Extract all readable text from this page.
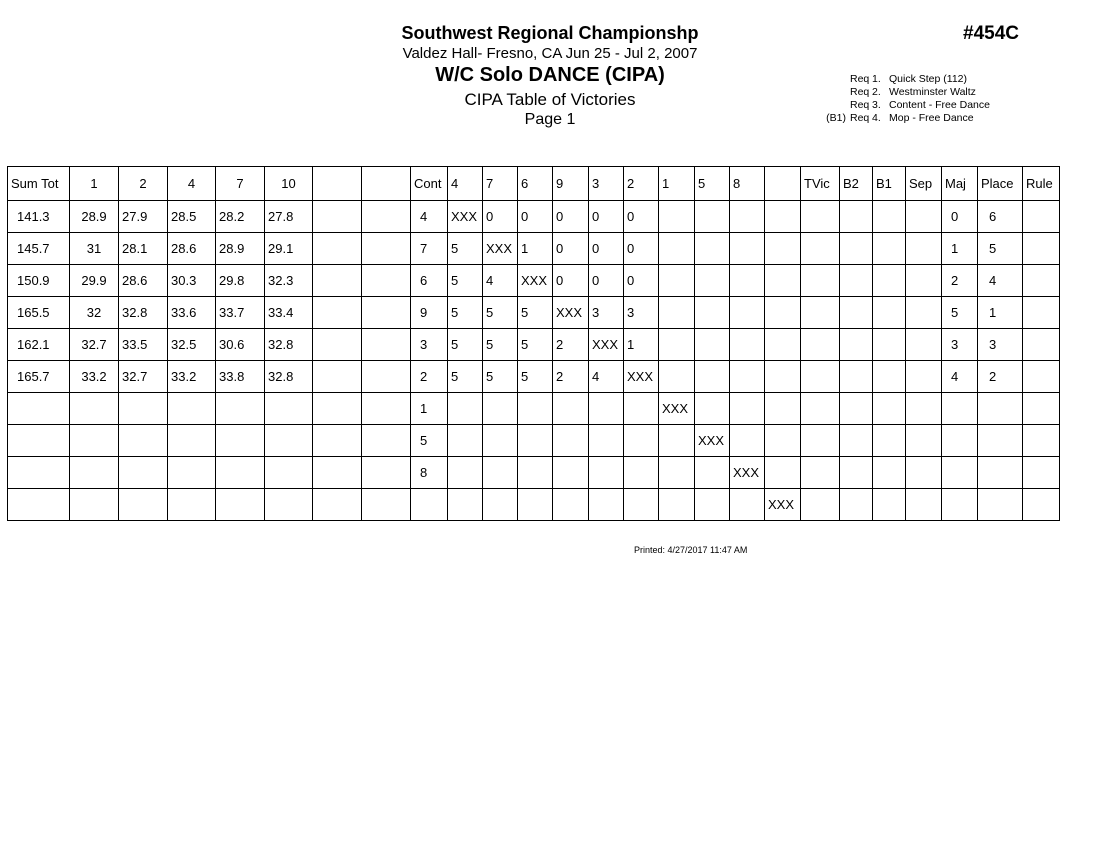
Southwest Regional Championshp
Valdez Hall- Fresno, CA Jun 25 - Jul 2, 2007
W/C Solo DANCE (CIPA)
CIPA Table of Victories
Page 1
#454C
Req 1. Quick Step (112)
Req 2. Westminster Waltz
Req 3. Content - Free Dance
(B1) Req 4. Mop - Free Dance
Sum Tot	1	2	4	7	10			Cont	4	7	6	9	3	2	1	5	8		TVic	B2	B1	Sep	Maj	Place	Rule
141.3	28.9	27.9	28.5	28.2	27.8			4	XXX	0	0	0	0	0									0	6	
145.7	31	28.1	28.6	28.9	29.1			7	5	XXX	1	0	0	0									1	5	
150.9	29.9	28.6	30.3	29.8	32.3			6	5	4	XXX	0	0	0									2	4	
165.5	32	32.8	33.6	33.7	33.4			9	5	5	5	XXX	3	3									5	1	
162.1	32.7	33.5	32.5	30.6	32.8			3	5	5	5	2	XXX	1									3	3	
165.7	33.2	32.7	33.2	33.8	32.8			2	5	5	5	2	4	XXX									4	2	
								1							XXX										
								5								XXX									
								8									XXX								
																		XXX							
Printed: 4/27/2017 11:47 AM
